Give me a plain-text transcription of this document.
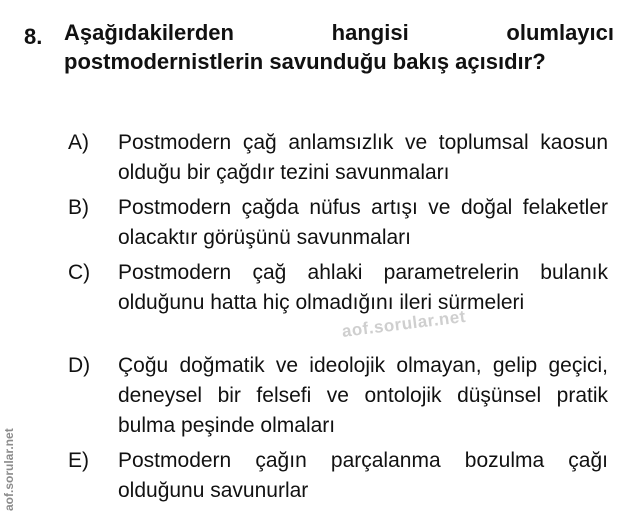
8. Aşağıdakilerden hangisi olumlayıcı postmodernistlerin savunduğu bakış açısıdır?
A) Postmodern çağ anlamsızlık ve toplumsal kaosun olduğu bir çağdır tezini savunmaları
B) Postmodern çağda nüfus artışı ve doğal felaketler olacaktır görüşünü savunmaları
C) Postmodern çağ ahlaki parametrelerin bulanık olduğunu hatta hiç olmadığını ileri sürmeleri
D) Çoğu doğmatik ve ideolojik olmayan, gelip geçici, deneysel bir felsefi ve ontolojik düşünsel pratik bulma peşinde olmaları
E) Postmodern çağın parçalanma bozulma çağı olduğunu savunurlar
aof.sorular.net
aof.sorular.net
